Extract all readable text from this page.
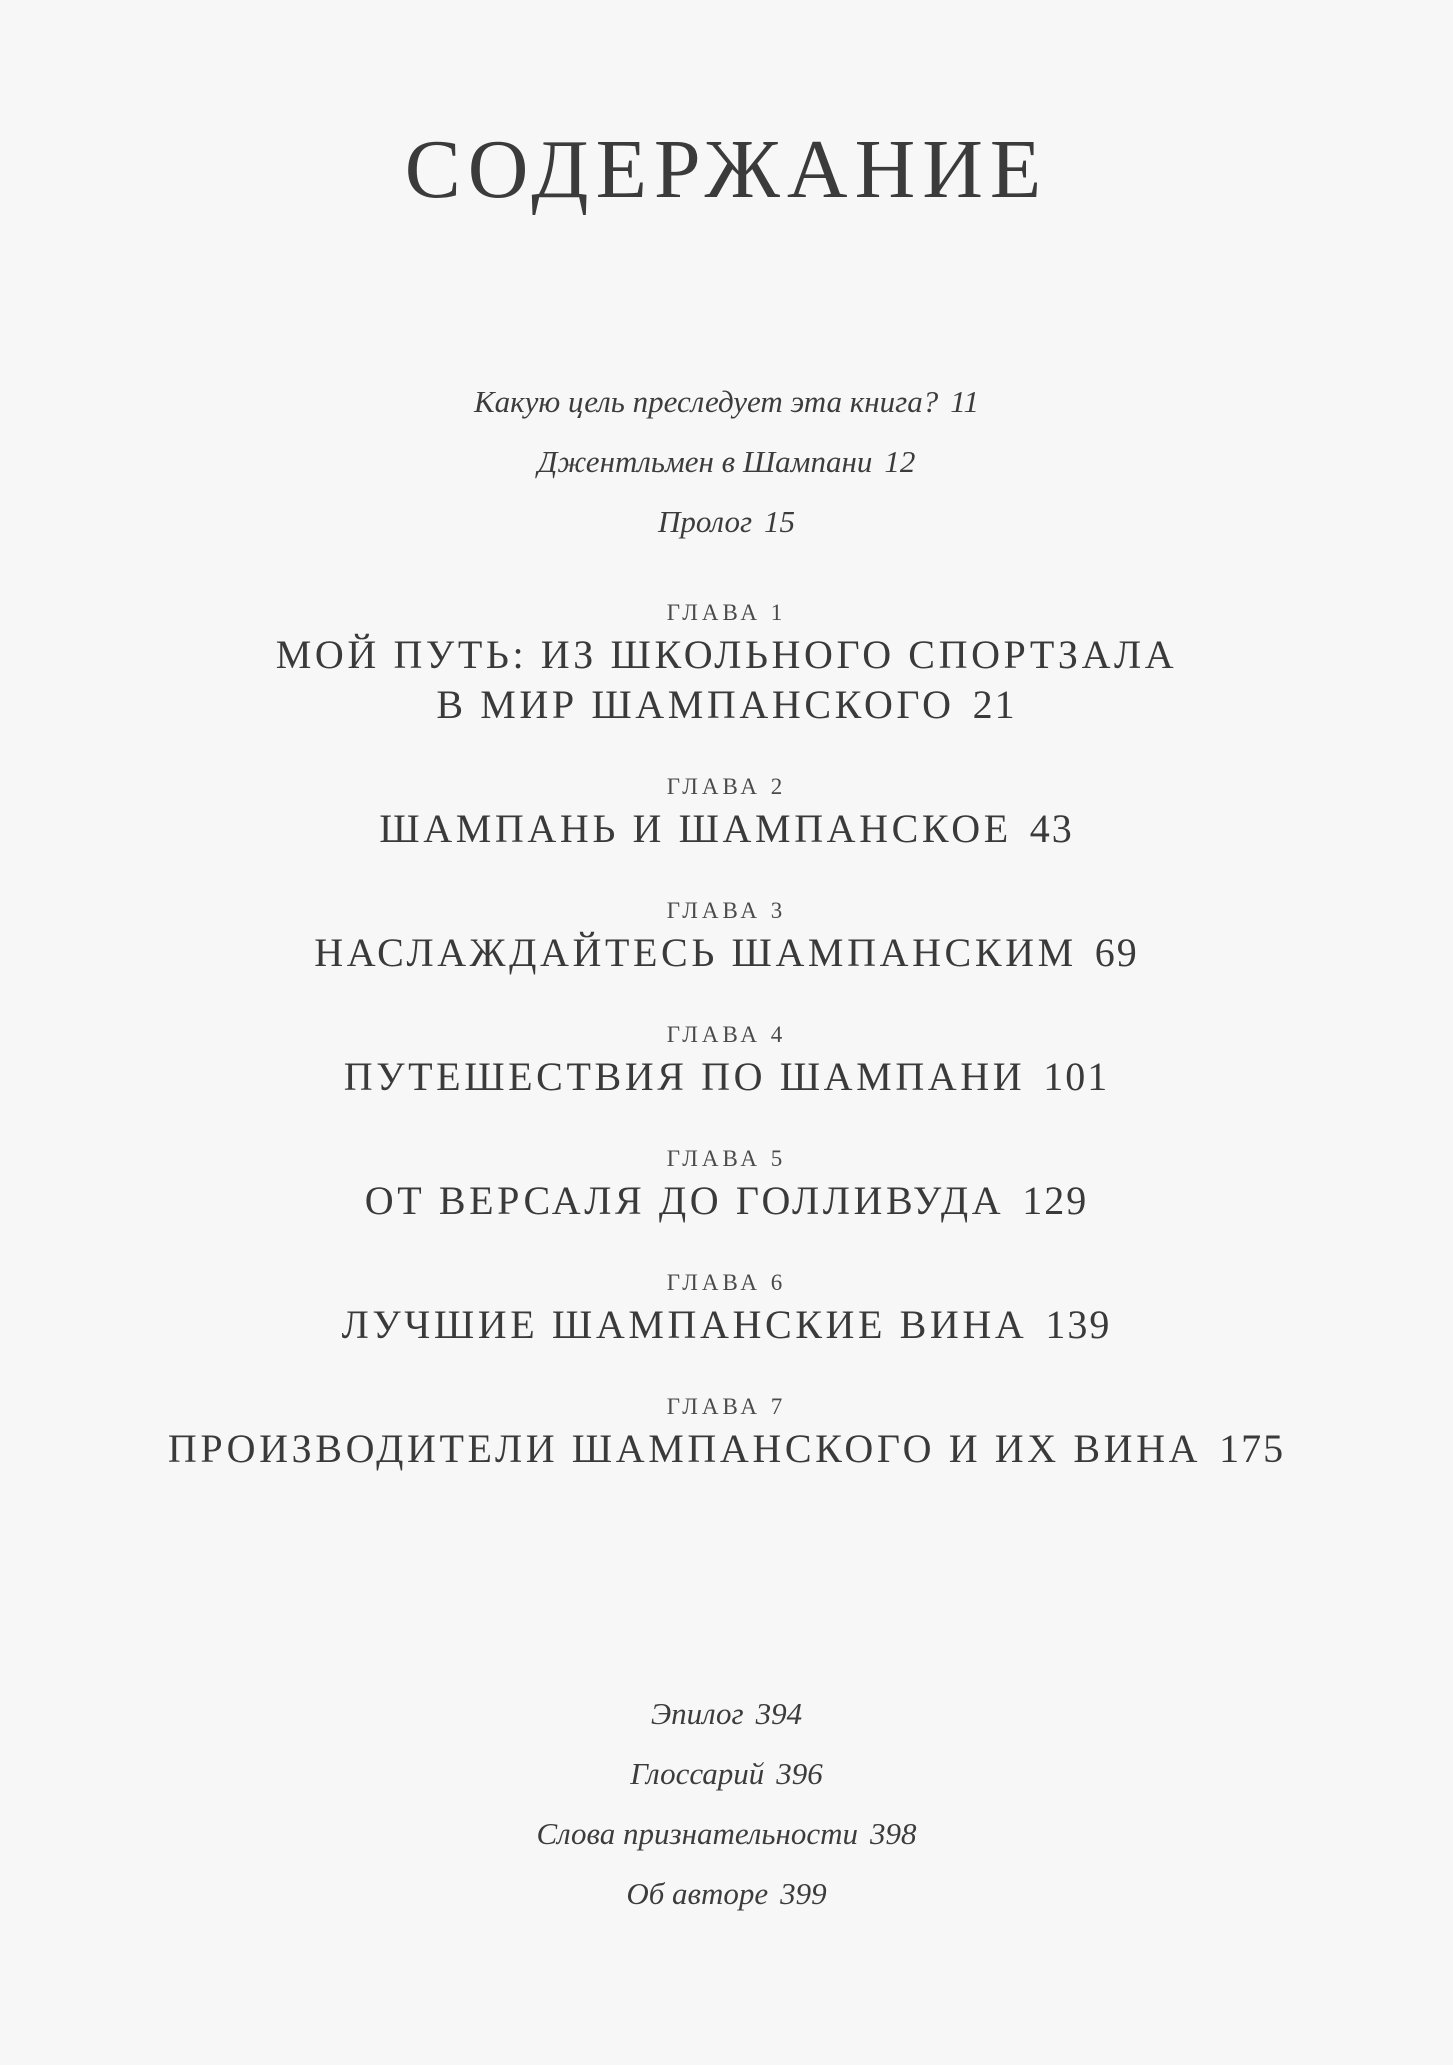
СОДЕРЖАНИЕ
Какую цель преследует эта книга? 11
Джентльмен в Шампани 12
Пролог 15
ГЛАВА 1
МОЙ ПУТЬ: ИЗ ШКОЛЬНОГО СПОРТЗАЛА
В МИР ШАМПАНСКОГО 21
ГЛАВА 2
ШАМПАНЬ И ШАМПАНСКОЕ 43
ГЛАВА 3
НАСЛАЖДАЙТЕСЬ ШАМПАНСКИМ 69
ГЛАВА 4
ПУТЕШЕСТВИЯ ПО ШАМПАНИ 101
ГЛАВА 5
ОТ ВЕРСАЛЯ ДО ГОЛЛИВУДА 129
ГЛАВА 6
ЛУЧШИЕ ШАМПАНСКИЕ ВИНА 139
ГЛАВА 7
ПРОИЗВОДИТЕЛИ ШАМПАНСКОГО И ИХ ВИНА 175
Эпилог 394
Глоссарий 396
Слова признательности 398
Об авторе 399
